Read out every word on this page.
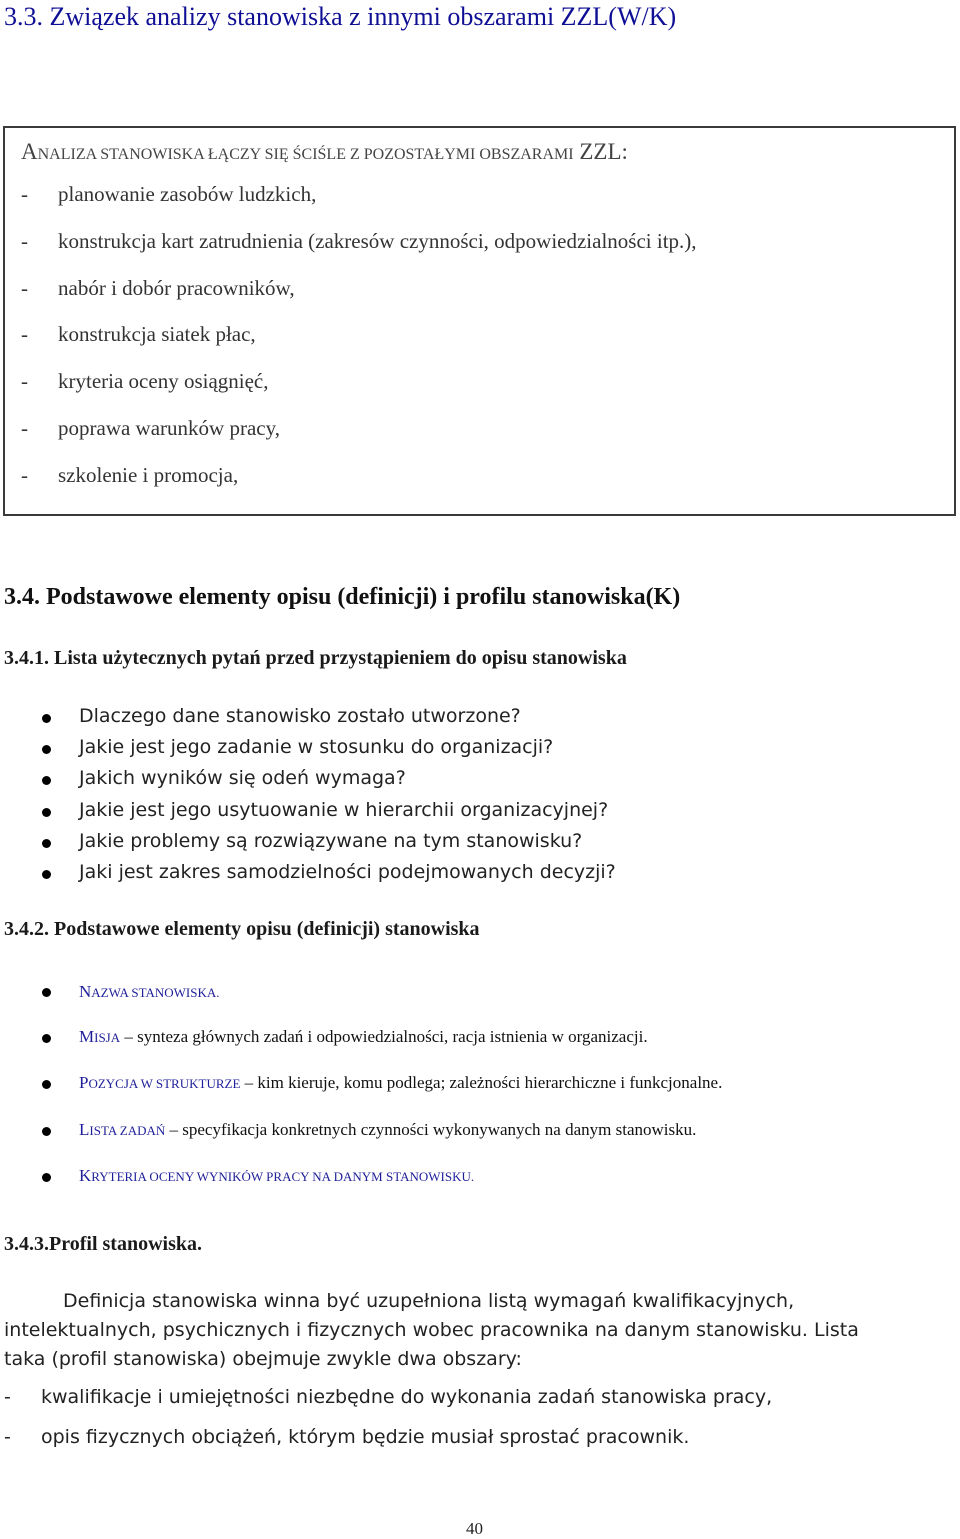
3.3. Związek analizy stanowiska z innymi obszarami ZZL(W/K)
ANALIZA STANOWISKA ŁĄCZY SIĘ ŚCIŚLE Z POZOSTAŁYMI OBSZARAMI ZZL:
- planowanie zasobów ludzkich,
- konstrukcja kart zatrudnienia (zakresów czynności, odpowiedzialności itp.),
- nabór i dobór pracowników,
- konstrukcja siatek płac,
- kryteria oceny osiągnięć,
- poprawa warunków pracy,
- szkolenie i promocja,
3.4. Podstawowe elementy opisu (definicji) i profilu stanowiska(K)
3.4.1. Lista użytecznych pytań przed przystąpieniem do opisu stanowiska
Dlaczego dane stanowisko zostało utworzone?
Jakie jest jego zadanie w stosunku do organizacji?
Jakich wyników się odeń wymaga?
Jakie jest jego usytuowanie w hierarchii organizacyjnej?
Jakie problemy są rozwiązywane na tym stanowisku?
Jaki jest zakres samodzielności podejmowanych decyzji?
3.4.2. Podstawowe elementy opisu (definicji) stanowiska
NAZWA STANOWISKA.
MISJA – synteza głównych zadań i odpowiedzialności, racja istnienia w organizacji.
POZYCJA W STRUKTURZE – kim kieruje, komu podlega; zależności hierarchiczne i funkcjonalne.
LISTA ZADAŃ – specyfikacja konkretnych czynności wykonywanych na danym stanowisku.
KRYTERIA OCENY WYNIKÓW PRACY NA DANYM STANOWISKU.
3.4.3.Profil stanowiska.
Definicja stanowiska winna być uzupełniona listą wymagań kwalifikacyjnych,
intelektualnych, psychicznych i fizycznych wobec pracownika na danym stanowisku. Lista
taka (profil stanowiska) obejmuje zwykle dwa obszary:
- kwalifikacje i umiejętności niezbędne do wykonania zadań stanowiska pracy,
- opis fizycznych obciążeń, którym będzie musiał sprostać pracownik.
40
